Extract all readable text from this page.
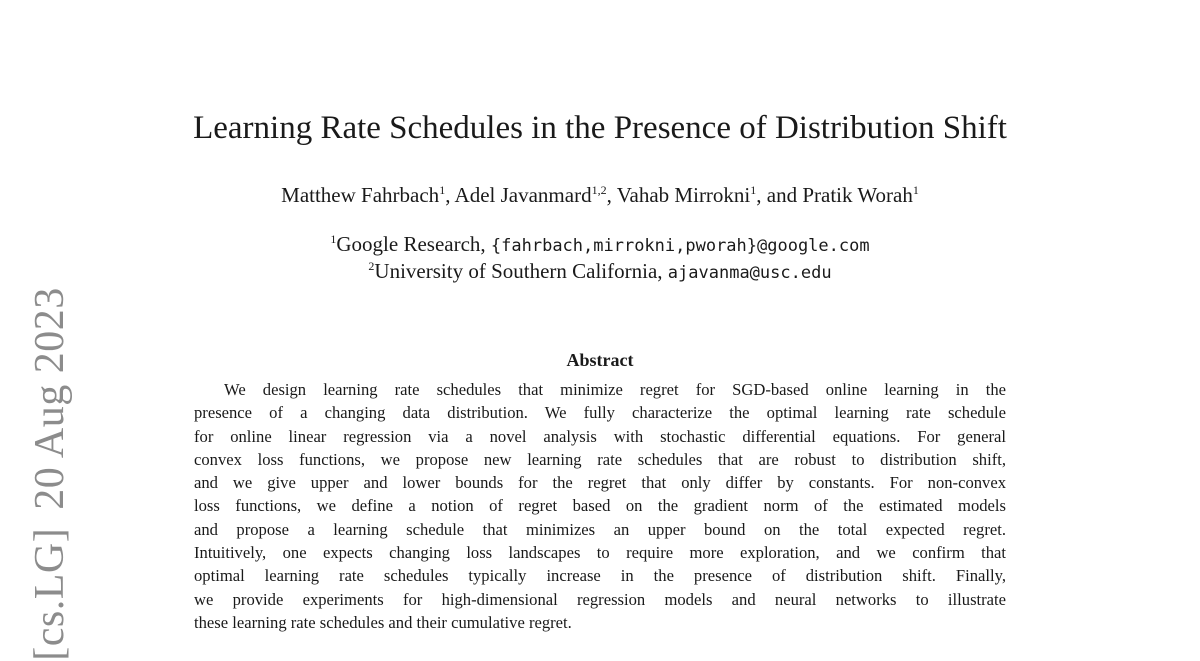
[cs.LG]20 Aug 2023
Learning Rate Schedules in the Presence of Distribution Shift
Matthew Fahrbach$^1$, Adel Javanmard$^{1,2}$, Vahab Mirrokni$^1$, and Pratik Worah$^1$
$^1$Google Research, {fahrbach,mirrokni,pworah}@google.com
$^2$University of Southern California, ajavanma@usc.edu
Abstract
We design learning rate schedules that minimize regret for SGD-based online learning in the
presence of a changing data distribution. We fully characterize the optimal learning rate schedule
for online linear regression via a novel analysis with stochastic differential equations. For general
convex loss functions, we propose new learning rate schedules that are robust to distribution shift,
and we give upper and lower bounds for the regret that only differ by constants. For non-convex
loss functions, we define a notion of regret based on the gradient norm of the estimated models
and propose a learning schedule that minimizes an upper bound on the total expected regret.
Intuitively, one expects changing loss landscapes to require more exploration, and we confirm that
optimal learning rate schedules typically increase in the presence of distribution shift. Finally,
we provide experiments for high-dimensional regression models and neural networks to illustrate
these learning rate schedules and their cumulative regret.
